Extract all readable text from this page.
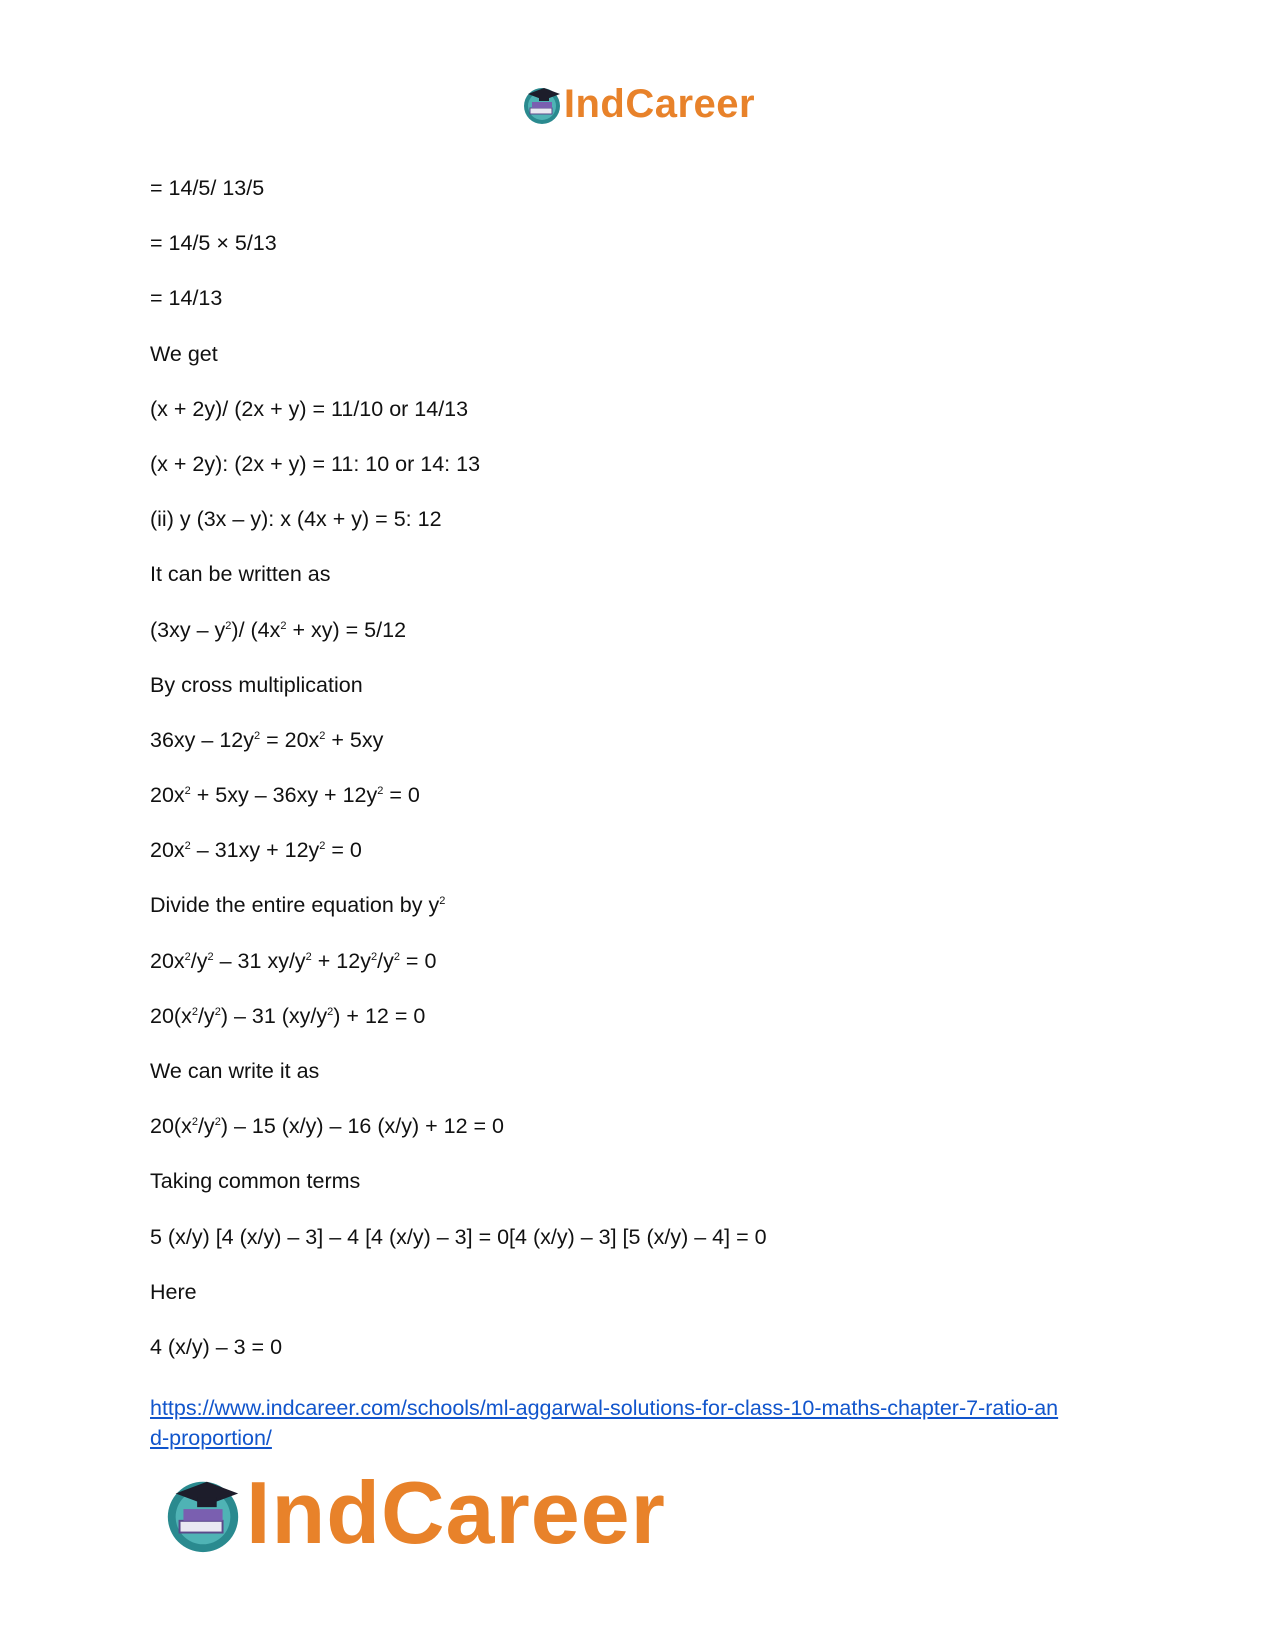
IndCareer
= 14/5/ 13/5
= 14/5 × 5/13
= 14/13
We get
(x + 2y)/ (2x + y) = 11/10 or 14/13
(x + 2y): (2x + y) = 11: 10 or 14: 13
(ii) y (3x – y): x (4x + y) = 5: 12
It can be written as
$(3xy - y^2)/$ $(4x^2 + xy) = 5/12$
By cross multiplication
$36xy - 12y^2 = 20x^2 + 5xy$
$20x^2 + 5xy - 36xy + 12y^2 = 0$
$20x^2 - 31xy + 12y^2 = 0$
Divide the entire equation by $y^2$
$20x^2/y^2 - 31$ $xy/y^2 + 12y^2/y^2 = 0$
$20(x^2/y^2) - 31$ $(xy/y^2) + 12 = 0$
We can write it as
$20(x^2/y^2) - 15$ (x/y) – 16 (x/y) + 12 = 0
Taking common terms
5 (x/y) [4 (x/y) – 3] – 4 [4 (x/y) – 3] = 0[4 (x/y) – 3] [5 (x/y) – 4] = 0
Here
4 (x/y) – 3 = 0
https://www.indcareer.com/schools/ml-aggarwal-solutions-for-class-10-maths-chapter-7-ratio-an
d-proportion/
IndCareer
